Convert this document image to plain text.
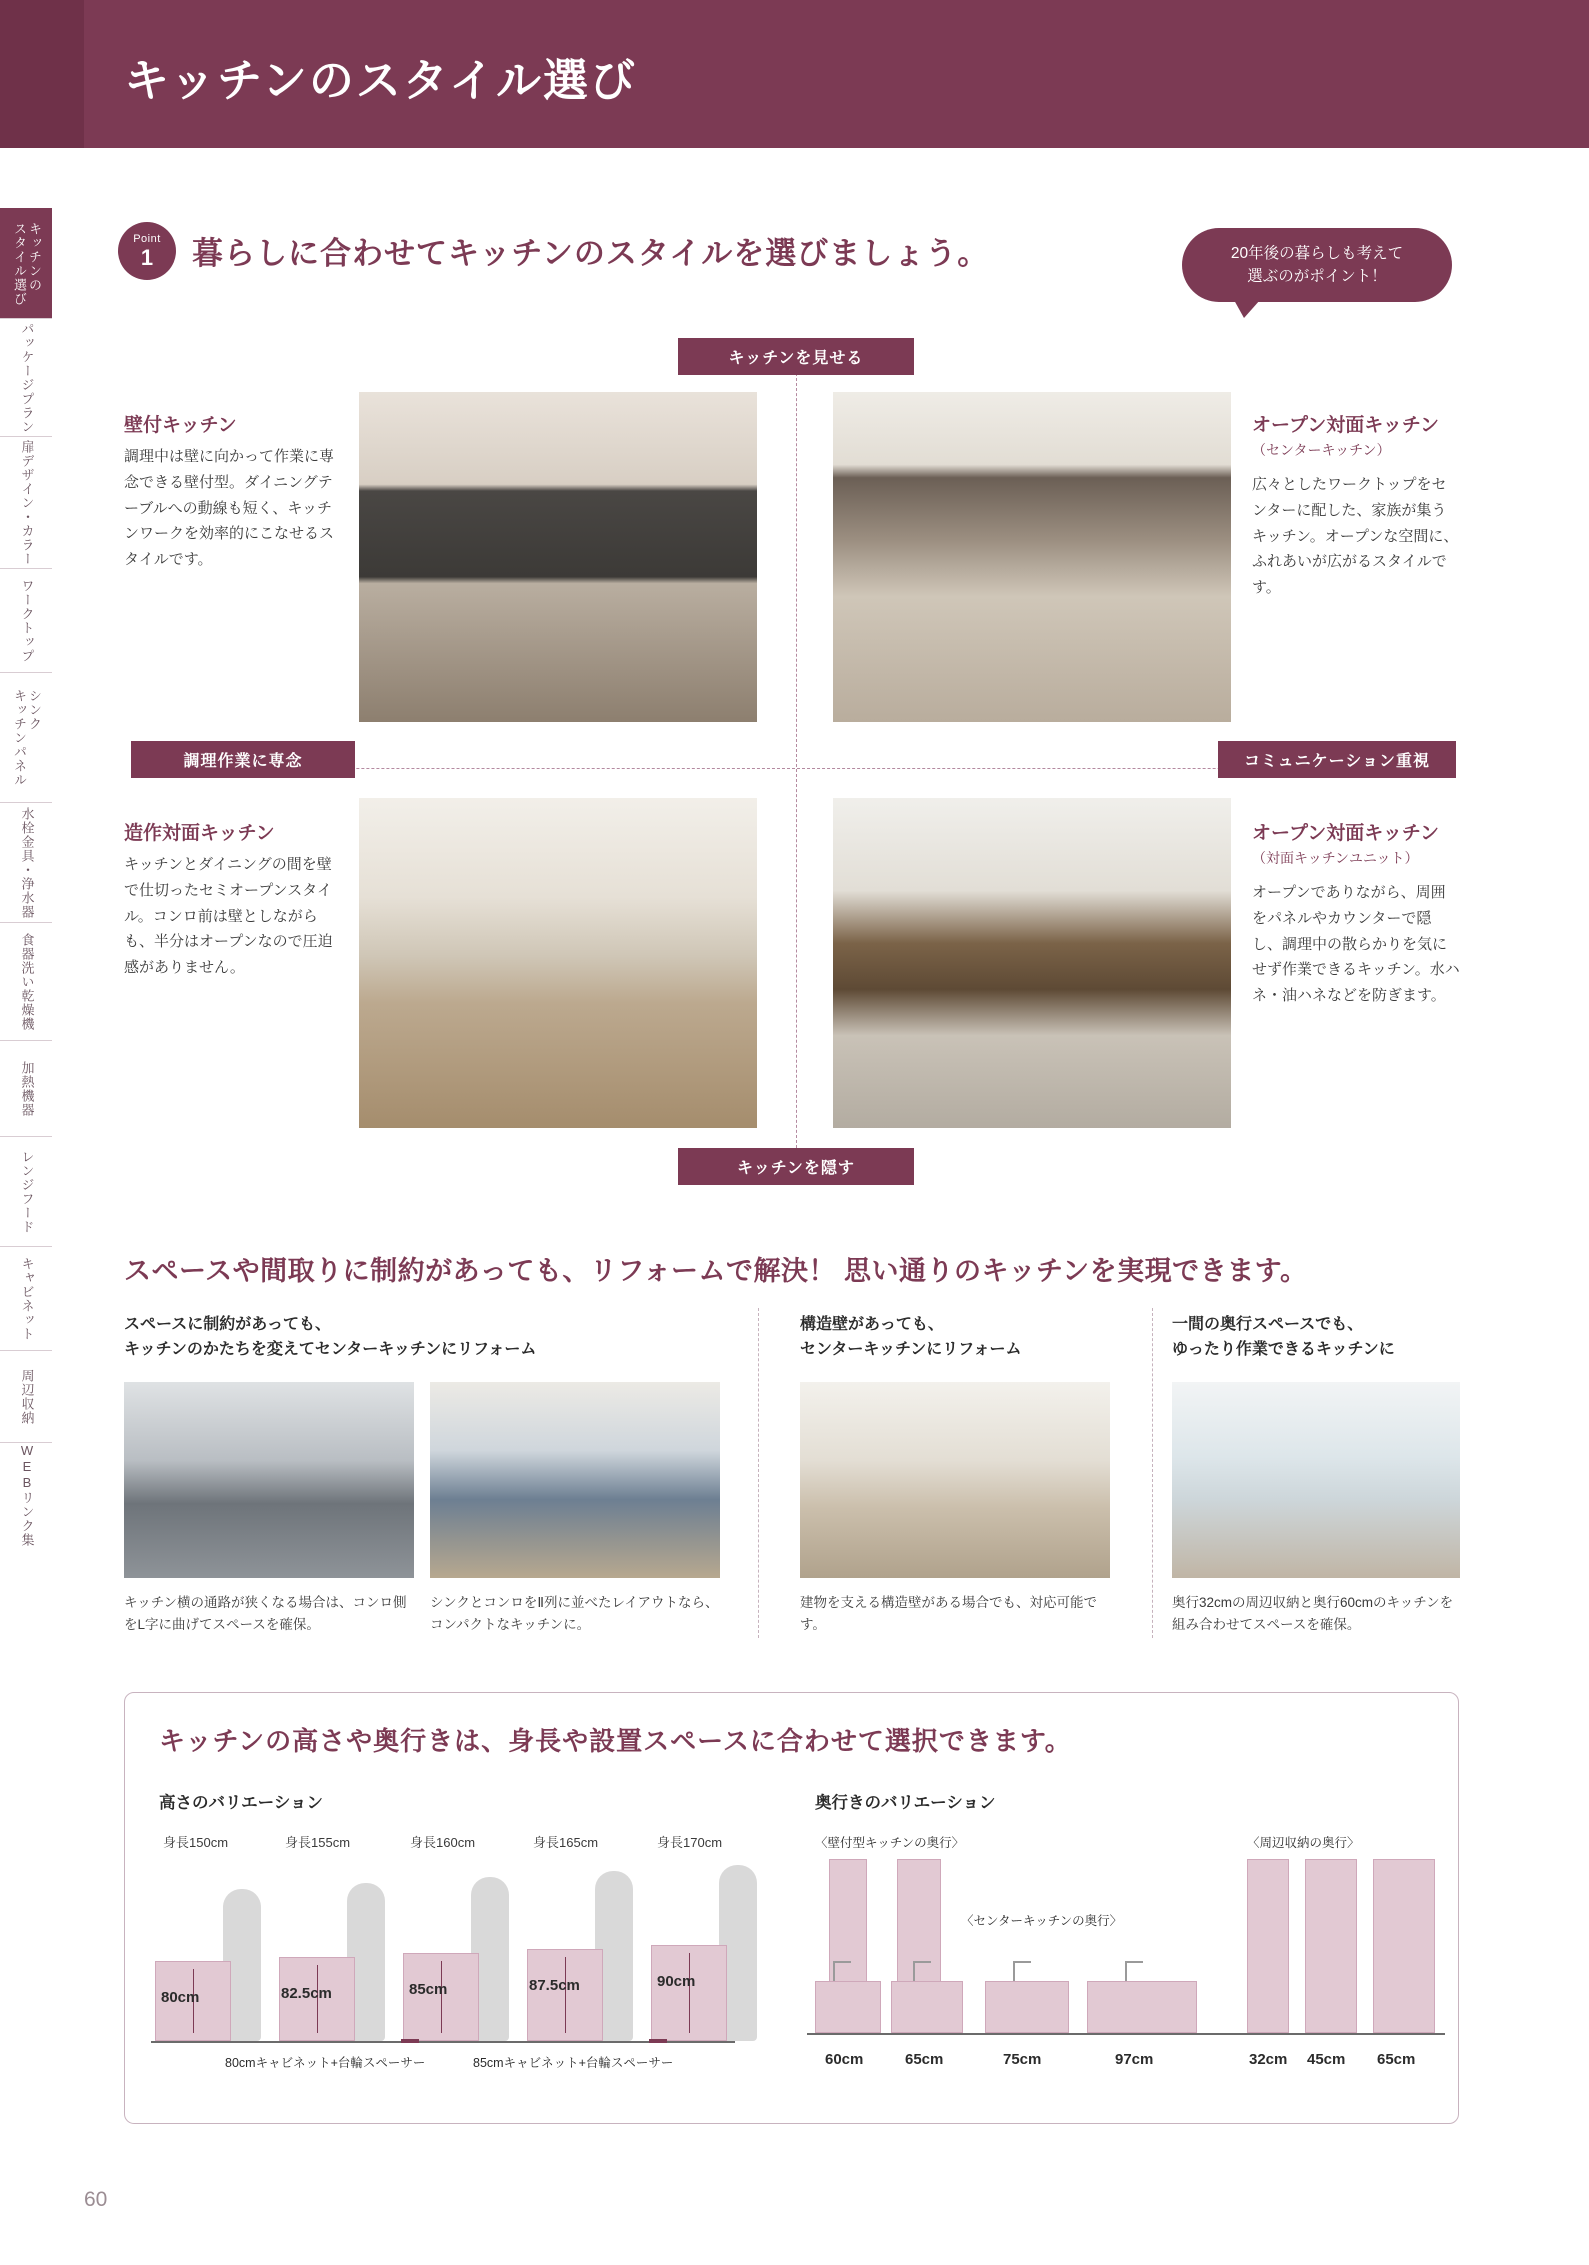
キッチンのスタイル選び
キッチンの
スタイル選び
パッケージプラン
扉デザイン・カラー
ワークトップ
シンク
キッチンパネル
水栓金具・浄水器
食器洗い乾燥機
加熱機器
レンジフード
キャビネット
周辺収納
WEBリンク集
Point
1 暮らしに合わせてキッチンのスタイルを選びましょう。	20年後の暮らしも考えて
選ぶのがポイント！
キッチンを見せる
キッチンを隠す
調理作業に専念	コミュニケーション重視
壁付キッチン
調理中は壁に向かって作業に専念できる壁付型。ダイニングテーブルへの動線も短く、キッチンワークを効率的にこなせるスタイルです。
オープン対面キッチン
（センターキッチン）
広々としたワークトップをセンターに配した、家族が集うキッチン。オープンな空間に、ふれあいが広がるスタイルです。
造作対面キッチン
キッチンとダイニングの間を壁で仕切ったセミオープンスタイル。コンロ前は壁としながらも、半分はオープンなので圧迫感がありません。
オープン対面キッチン
（対面キッチンユニット）
オープンでありながら、周囲をパネルやカウンターで隠し、調理中の散らかりを気にせず作業できるキッチン。水ハネ・油ハネなどを防ぎます。
スペースや間取りに制約があっても、リフォームで解決！ 思い通りのキッチンを実現できます。
スペースに制約があっても、
キッチンのかたちを変えてセンターキッチンにリフォーム
キッチン横の通路が狭くなる場合は、コンロ側をL字に曲げてスペースを確保。
シンクとコンロをⅡ列に並べたレイアウトなら、コンパクトなキッチンに。
構造壁があっても、
センターキッチンにリフォーム
建物を支える構造壁がある場合でも、対応可能です。
一間の奥行スペースでも、
ゆったり作業できるキッチンに
奥行32cmの周辺収納と奥行60cmのキッチンを組み合わせてスペースを確保。
キッチンの高さや奥行きは、身長や設置スペースに合わせて選択できます。
高さのバリエーション
身長150cm	身長155cm	身長160cm	身長165cm	身長170cm
80cm	82.5cm	85cm	87.5cm	90cm
80cmキャビネット+台輪スペーサー	85cmキャビネット+台輪スペーサー
奥行きのバリエーション
〈壁付型キッチンの奥行〉
〈センターキッチンの奥行〉
〈周辺収納の奥行〉
60cm	65cm	75cm	97cm	32cm 45cm 65cm
60
